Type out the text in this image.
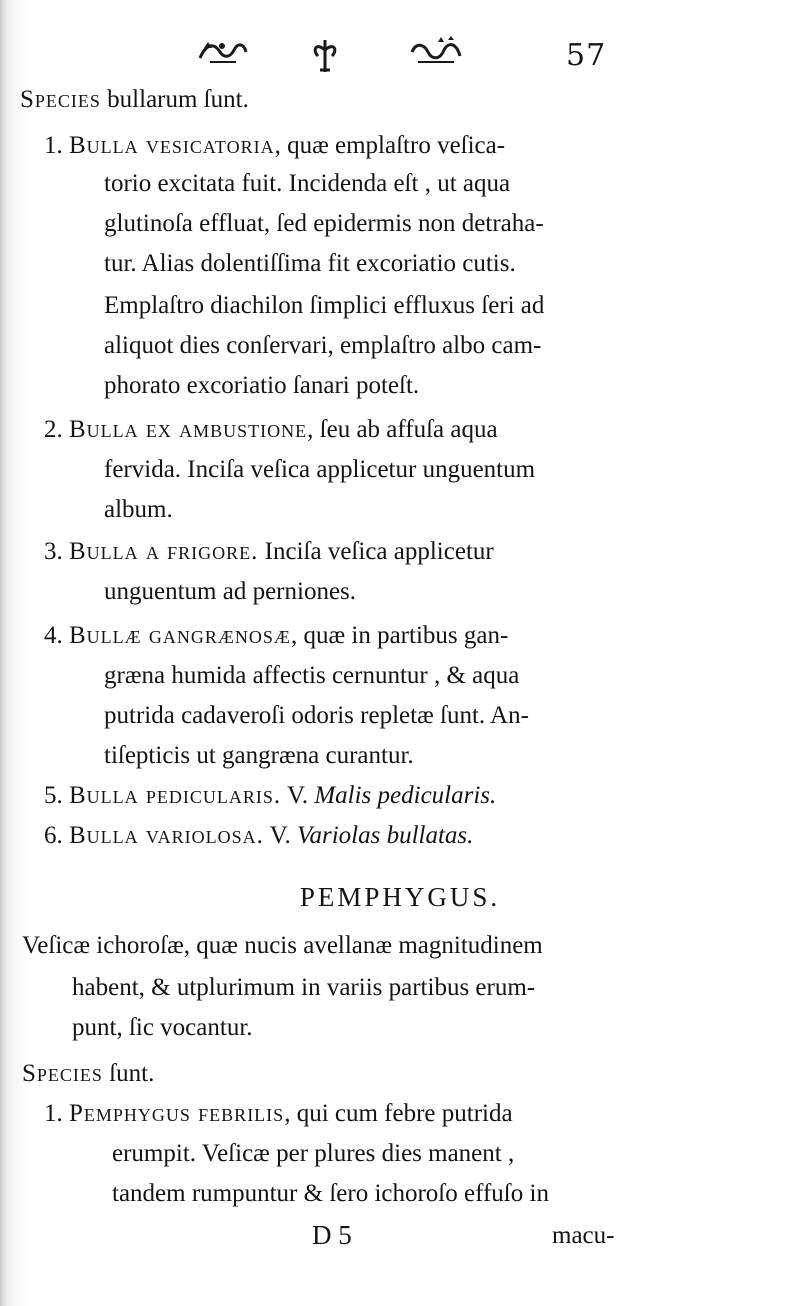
57
Species bullarum ſunt.
1. Bulla vesicatoria, quæ emplaſtro veſica-
torio excitata fuit. Incidenda eſt , ut aqua
glutinoſa effluat, ſed epidermis non detraha-
tur. Alias dolentiſſima fit excoriatio cutis.
Emplaſtro diachilon ſimplici effluxus ſeri ad
aliquot dies conſervari, emplaſtro albo cam-
phorato excoriatio ſanari poteſt.
2. Bulla ex ambustione, ſeu ab affuſa aqua
fervida. Inciſa veſica applicetur unguentum
album.
3. Bulla a frigore. Inciſa veſica applicetur
unguentum ad perniones.
4. Bullæ gangrænosæ, quæ in partibus gan-
græna humida affectis cernuntur , & aqua
putrida cadaveroſi odoris repletæ ſunt. An-
tiſepticis ut gangræna curantur.
5. Bulla pedicularis. V. Malis pedicularis.
6. Bulla variolosa. V. Variolas bullatas.
PEMPHYGUS.
Veſicæ ichoroſæ, quæ nucis avellanæ magnitudinem
habent, & utplurimum in variis partibus erum-
punt, ſic vocantur.
Species ſunt.
1. Pemphygus febrilis, qui cum febre putrida
erumpit. Veſicæ per plures dies manent ,
tandem rumpuntur & ſero ichoroſo effuſo in
D 5	macu-
